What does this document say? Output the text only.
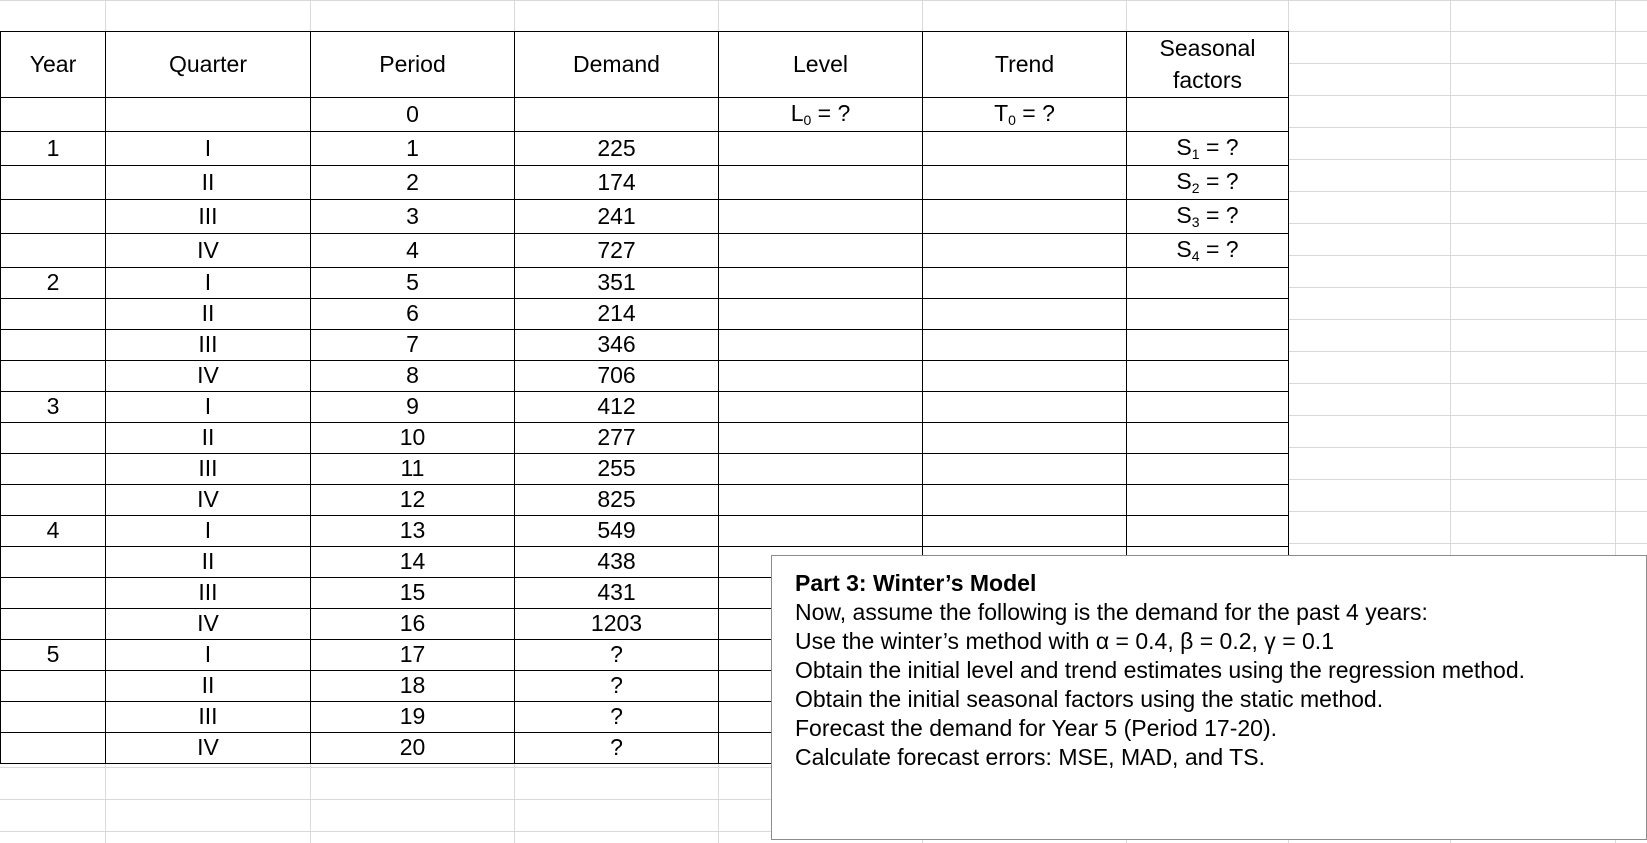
Year	Quarter	Period	Demand	Level	Trend	Seasonal
factors
		0		$L_0$ = ?	$T_0$ = ?	
1	I	1	225			$S_1$ = ?
	II	2	174			$S_2$ = ?
	III	3	241			$S_3$ = ?
	IV	4	727			$S_4$ = ?
2	I	5	351			
	II	6	214			
	III	7	346			
	IV	8	706			
3	I	9	412			
	II	10	277			
	III	11	255			
	IV	12	825			
4	I	13	549			
	II	14	438			
	III	15	431			
	IV	16	1203			
5	I	17	?			
	II	18	?			
	III	19	?			
	IV	20	?			
Part 3: Winter’s Model
Now, assume the following is the demand for the past 4 years:
Use the winter’s method with α = 0.4, β = 0.2, γ = 0.1
Obtain the initial level and trend estimates using the regression method.
Obtain the initial seasonal factors using the static method.
Forecast the demand for Year 5 (Period 17-20).
Calculate forecast errors: MSE, MAD, and TS.
